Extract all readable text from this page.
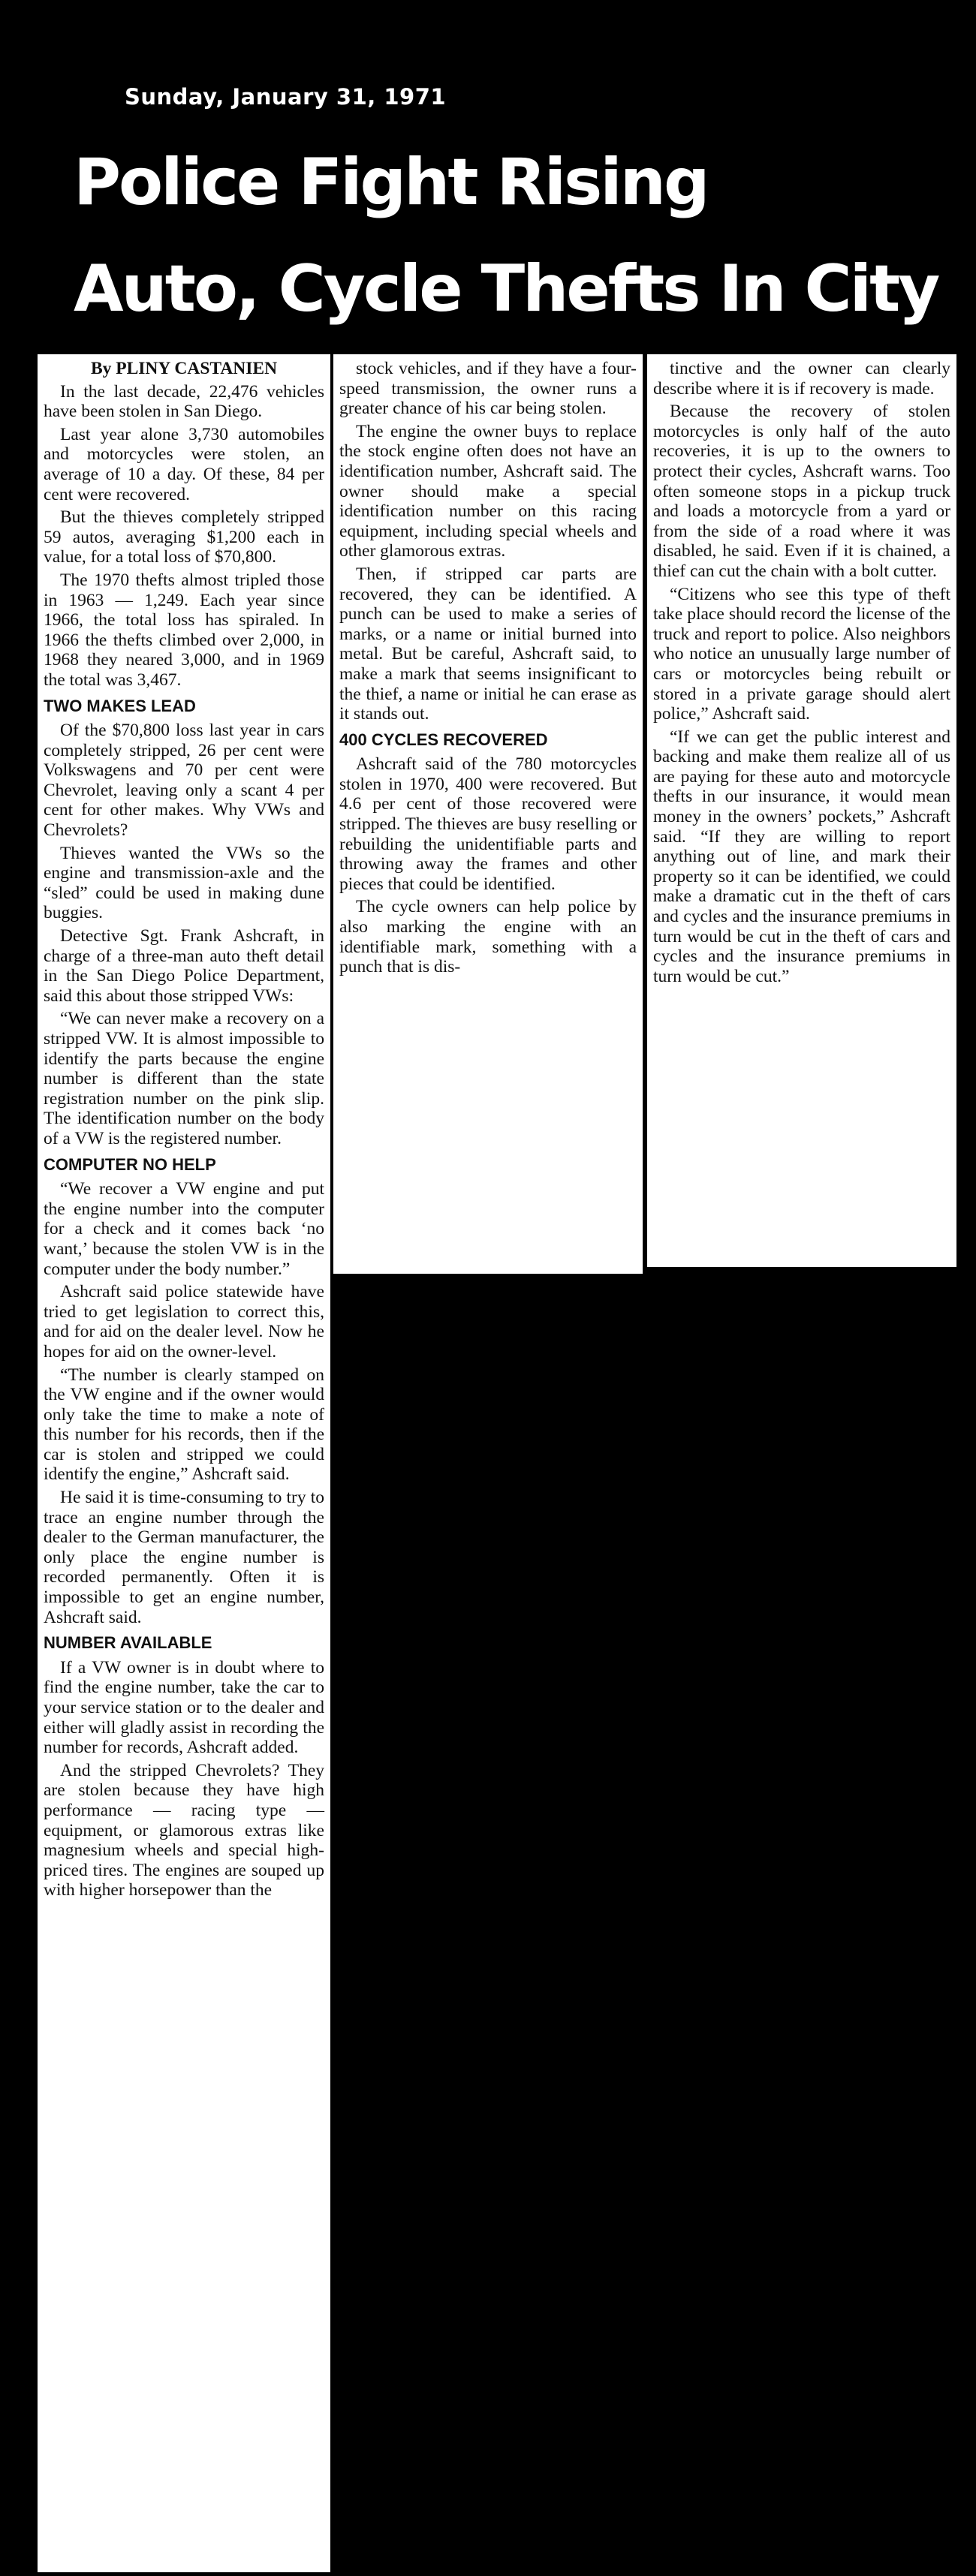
Sunday, January 31, 1971
Police Fight Rising
Auto, Cycle Thefts In City

By PLINY CASTANIEN

In the last decade, 22,476 vehicles have been stolen in San Diego.

Last year alone 3,730 automobiles and motorcycles were stolen, an average of 10 a day. Of these, 84 per cent were recovered.

But the thieves completely stripped 59 autos, averaging $1,200 each in value, for a total loss of $70,800.

The 1970 thefts almost tripled those in 1963 — 1,249. Each year since 1966, the total loss has spiraled. In 1966 the thefts climbed over 2,000, in 1968 they neared 3,000, and in 1969 the total was 3,467.

TWO MAKES LEAD

Of the $70,800 loss last year in cars completely stripped, 26 per cent were Volkswagens and 70 per cent were Chevrolet, leaving only a scant 4 per cent for other makes. Why VWs and Chevrolets?

Thieves wanted the VWs so the engine and transmission-axle and the “sled” could be used in making dune buggies.

Detective Sgt. Frank Ashcraft, in charge of a three-man auto theft detail in the San Diego Police Department, said this about those stripped VWs:

“We can never make a recovery on a stripped VW. It is almost impossible to identify the parts because the engine number is different than the state registration number on the pink slip. The identification number on the body of a VW is the registered number.

COMPUTER NO HELP

“We recover a VW engine and put the engine number into the computer for a check and it comes back ‘no want,’ because the stolen VW is in the computer under the body number.”

Ashcraft said police statewide have tried to get legislation to correct this, and for aid on the dealer level. Now he hopes for aid on the owner-level.

“The number is clearly stamped on the VW engine and if the owner would only take the time to make a note of this number for his records, then if the car is stolen and stripped we could identify the engine,” Ashcraft said.

He said it is time-consuming to try to trace an engine number through the dealer to the German manufacturer, the only place the engine number is recorded permanently. Often it is impossible to get an engine number, Ashcraft said.

NUMBER AVAILABLE

If a VW owner is in doubt where to find the engine number, take the car to your service station or to the dealer and either will gladly assist in recording the number for records, Ashcraft added.

And the stripped Chevrolets? They are stolen because they have high performance — racing type — equipment, or glamorous extras like magnesium wheels and special high-priced tires. The engines are souped up with higher horsepower than the

stock vehicles, and if they have a four-speed transmission, the owner runs a greater chance of his car being stolen.

The engine the owner buys to replace the stock engine often does not have an identification number, Ashcraft said. The owner should make a special identification number on this racing equipment, including special wheels and other glamorous extras.

Then, if stripped car parts are recovered, they can be identified. A punch can be used to make a series of marks, or a name or initial burned into metal. But be careful, Ashcraft said, to make a mark that seems insignificant to the thief, a name or initial he can erase as it stands out.

400 CYCLES RECOVERED

Ashcraft said of the 780 motorcycles stolen in 1970, 400 were recovered. But 4.6 per cent of those recovered were stripped. The thieves are busy reselling or rebuilding the unidentifiable parts and throwing away the frames and other pieces that could be identified.

The cycle owners can help police by also marking the engine with an identifiable mark, something with a punch that is dis-

tinctive and the owner can clearly describe where it is if recovery is made.

Because the recovery of stolen motorcycles is only half of the auto recoveries, it is up to the owners to protect their cycles, Ashcraft warns. Too often someone stops in a pickup truck and loads a motorcycle from a yard or from the side of a road where it was disabled, he said. Even if it is chained, a thief can cut the chain with a bolt cutter.

“Citizens who see this type of theft take place should record the license of the truck and report to police. Also neighbors who notice an unusually large number of cars or motorcycles being rebuilt or stored in a private garage should alert police,” Ashcraft said.

“If we can get the public interest and backing and make them realize all of us are paying for these auto and motorcycle thefts in our insurance, it would mean money in the owners’ pockets,” Ashcraft said. “If they are willing to report anything out of line, and mark their property so it can be identified, we could make a dramatic cut in the theft of cars and cycles and the insurance premiums in turn would be cut in the theft of cars and cycles and the insurance premiums in turn would be cut.”
